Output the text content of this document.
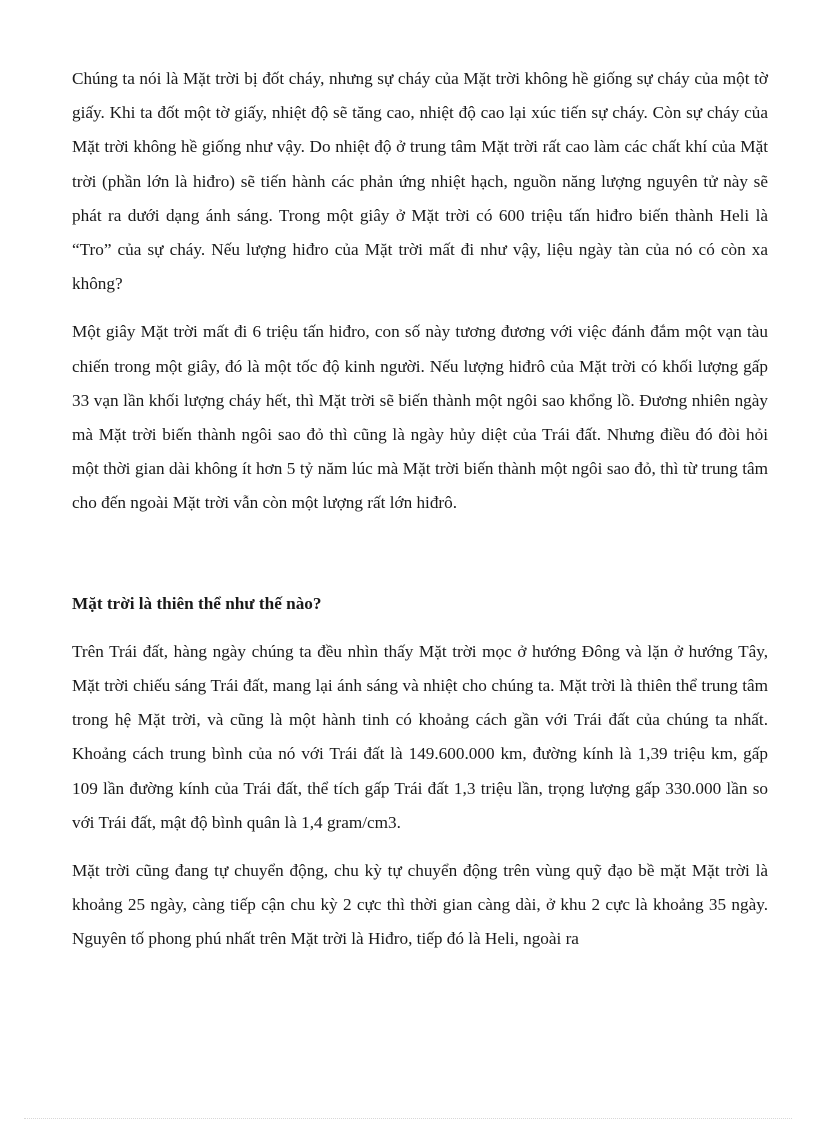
Chúng ta nói là Mặt trời bị đốt cháy, nhưng sự cháy của Mặt trời không hề giống sự cháy của một tờ giấy. Khi ta đốt một tờ giấy, nhiệt độ sẽ tăng cao, nhiệt độ cao lại xúc tiến sự cháy. Còn sự cháy của Mặt trời không hề giống như vậy. Do nhiệt độ ở trung tâm Mặt trời rất cao làm các chất khí của Mặt trời (phần lớn là hiđro) sẽ tiến hành các phản ứng nhiệt hạch, nguồn năng lượng nguyên tử này sẽ phát ra dưới dạng ánh sáng. Trong một giây ở Mặt trời có 600 triệu tấn hiđro biến thành Heli là “Tro” của sự cháy. Nếu lượng hiđro của Mặt trời mất đi như vậy, liệu ngày tàn của nó có còn xa không?

Một giây Mặt trời mất đi 6 triệu tấn hiđro, con số này tương đương với việc đánh đắm một vạn tàu chiến trong một giây, đó là một tốc độ kinh người. Nếu lượng hiđrô của Mặt trời có khối lượng gấp 33 vạn lần khối lượng cháy hết, thì Mặt trời sẽ biến thành một ngôi sao khổng lồ. Đương nhiên ngày mà Mặt trời biến thành ngôi sao đỏ thì cũng là ngày hủy diệt của Trái đất. Nhưng điều đó đòi hỏi một thời gian dài không ít hơn 5 tỷ năm lúc mà Mặt trời biến thành một ngôi sao đỏ, thì từ trung tâm cho đến ngoài Mặt trời vẫn còn một lượng rất lớn hiđrô.

Mặt trời là thiên thể như thế nào?

Trên Trái đất, hàng ngày chúng ta đều nhìn thấy Mặt trời mọc ở hướng Đông và lặn ở hướng Tây, Mặt trời chiếu sáng Trái đất, mang lại ánh sáng và nhiệt cho chúng ta. Mặt trời là thiên thể trung tâm trong hệ Mặt trời, và cũng là một hành tinh có khoảng cách gần với Trái đất của chúng ta nhất. Khoảng cách trung bình của nó với Trái đất là 149.600.000 km, đường kính là 1,39 triệu km, gấp 109 lần đường kính của Trái đất, thể tích gấp Trái đất 1,3 triệu lần, trọng lượng gấp 330.000 lần so với Trái đất, mật độ bình quân là 1,4 gram/cm3.

Mặt trời cũng đang tự chuyển động, chu kỳ tự chuyển động trên vùng quỹ đạo bề mặt Mặt trời là khoảng 25 ngày, càng tiếp cận chu kỳ 2 cực thì thời gian càng dài, ở khu 2 cực là khoảng 35 ngày. Nguyên tố phong phú nhất trên Mặt trời là Hiđro, tiếp đó là Heli, ngoài ra
